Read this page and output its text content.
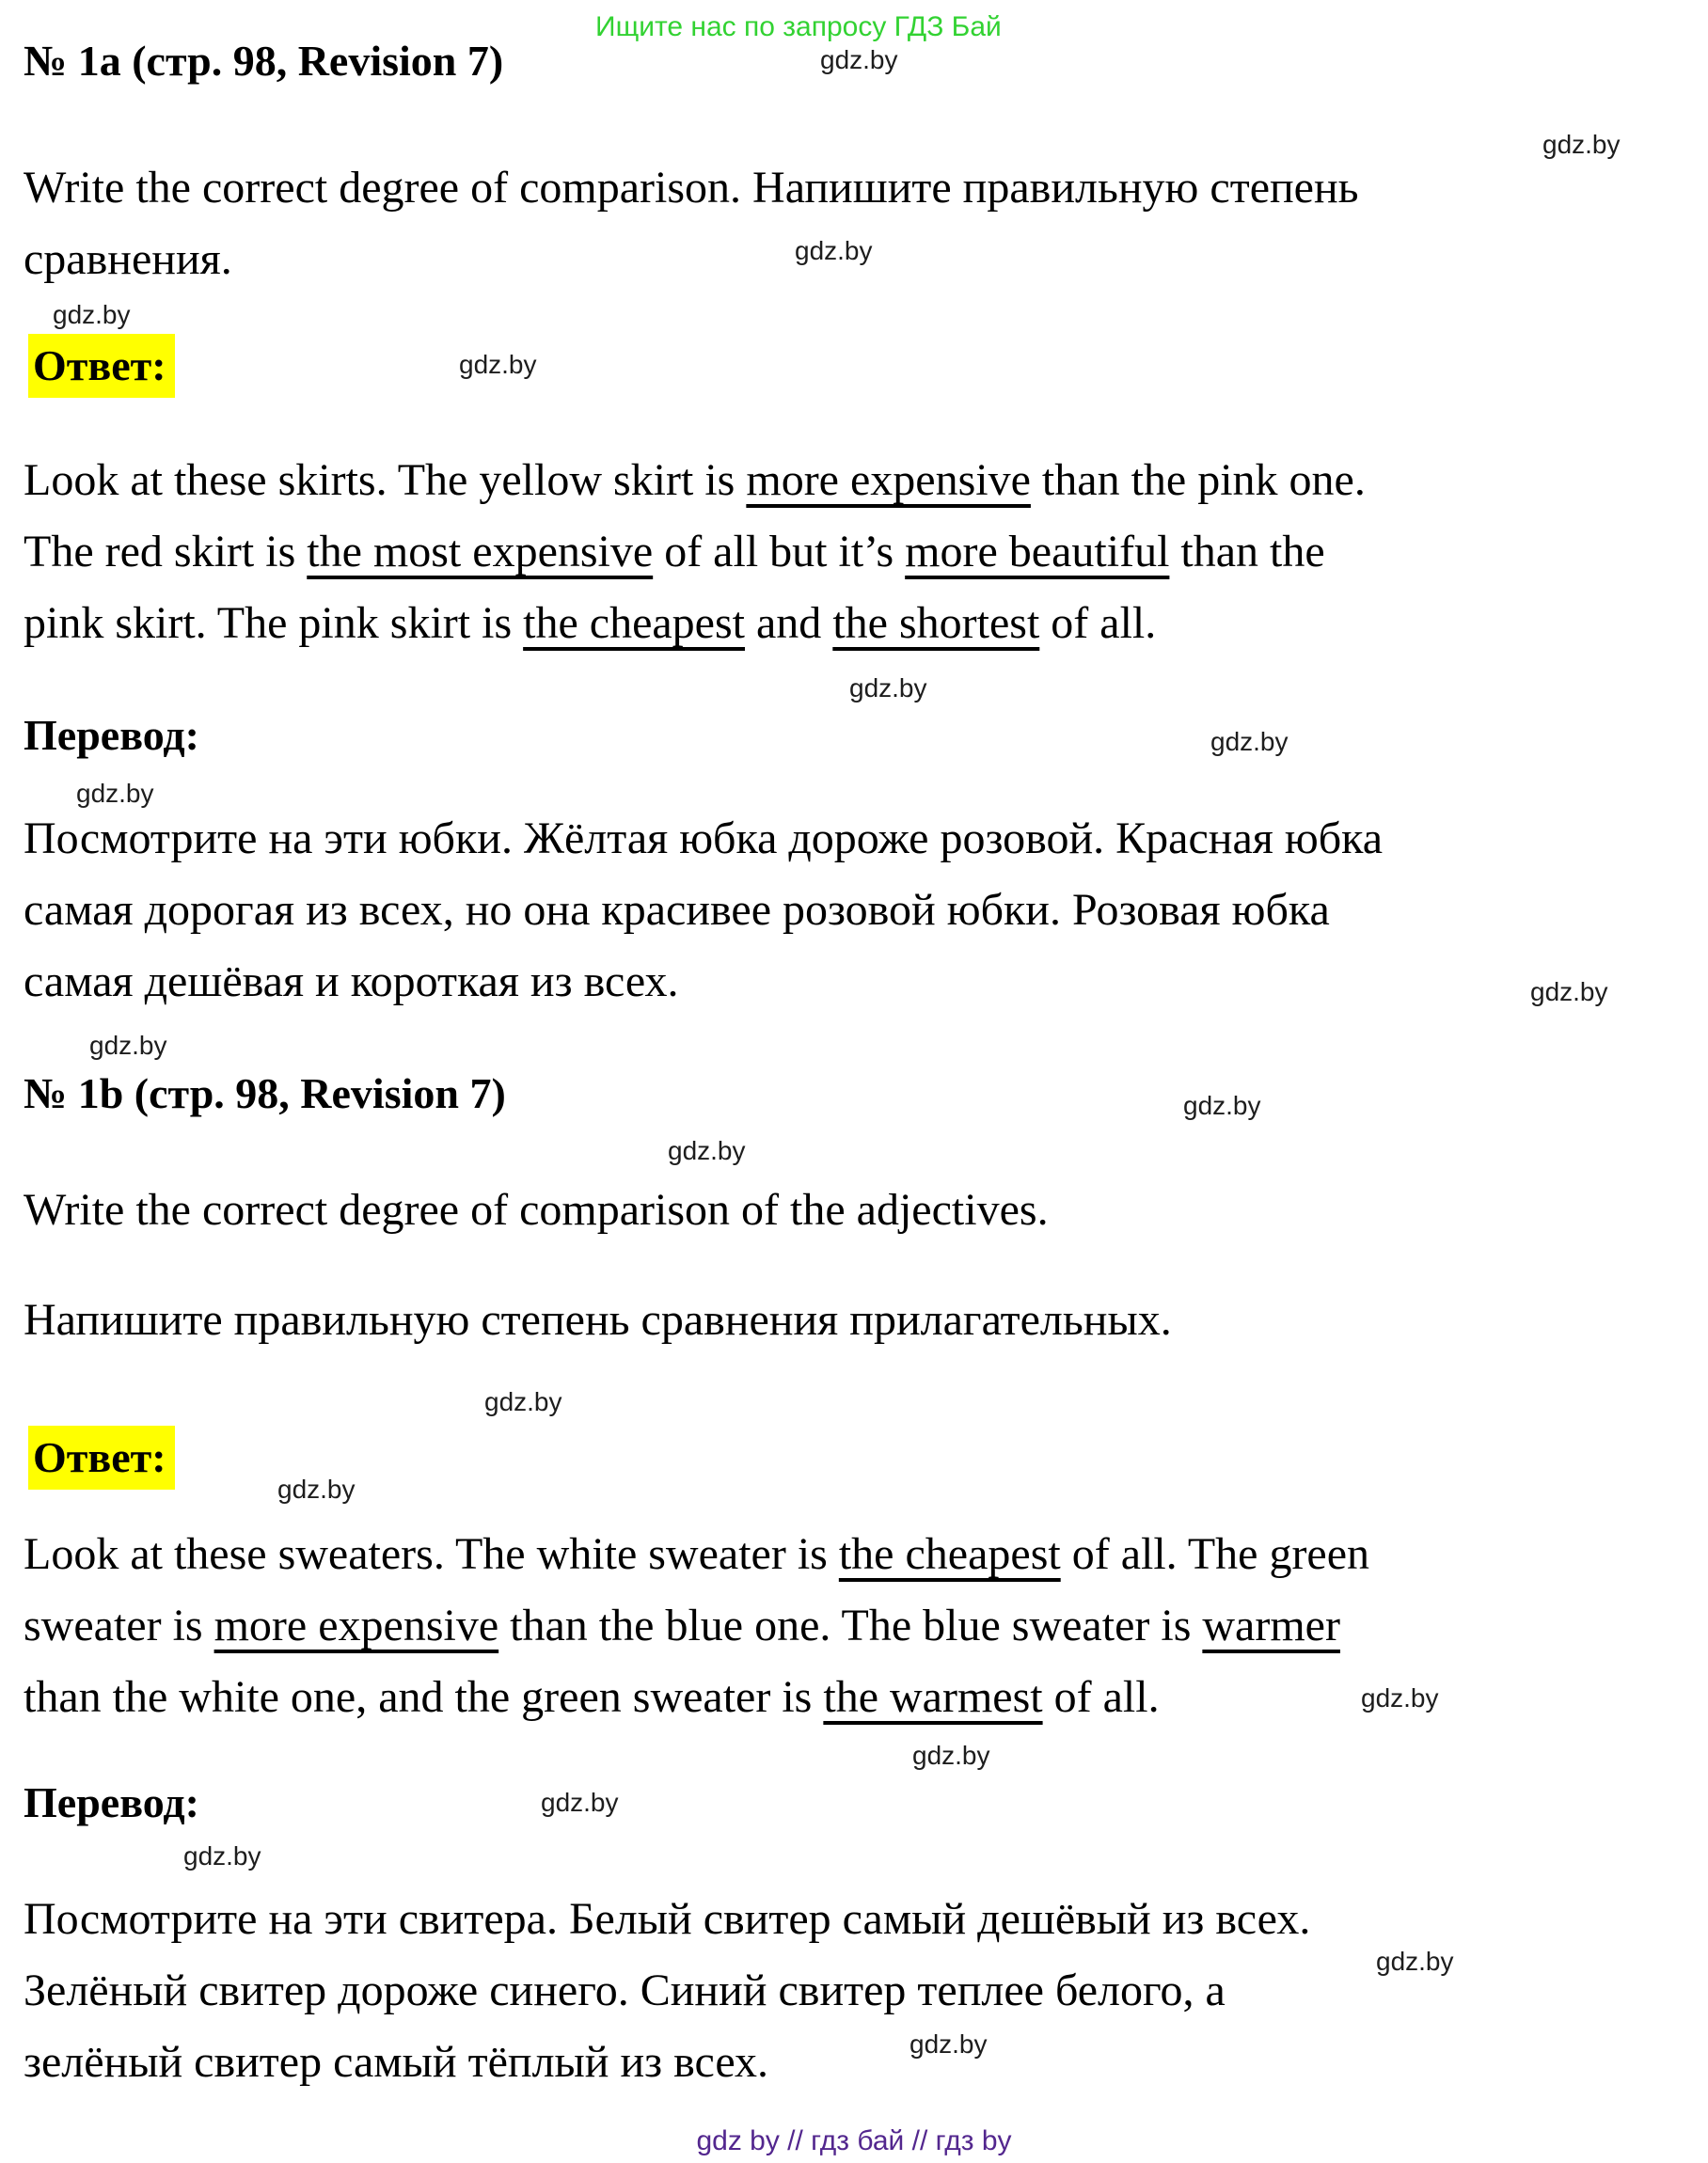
Ищите нас по запросу ГДЗ Бай
№ 1a (стр. 98, Revision 7)
Write the correct degree of comparison. Напишите правильную степень
сравнения.
Ответ:
Look at these skirts. The yellow skirt is more expensive than the pink one.
The red skirt is the most expensive of all but it’s more beautiful than the
pink skirt. The pink skirt is the cheapest and the shortest of all.
Перевод:
Посмотрите на эти юбки. Жёлтая юбка дороже розовой. Красная юбка
самая дорогая из всех, но она красивее розовой юбки. Розовая юбка
самая дешёвая и короткая из всех.
№ 1b (стр. 98, Revision 7)
Write the correct degree of comparison of the adjectives.
Напишите правильную степень сравнения прилагательных.
Ответ:
Look at these sweaters. The white sweater is the cheapest of all. The green
sweater is more expensive than the blue one. The blue sweater is warmer
than the white one, and the green sweater is the warmest of all.
Перевод:
Посмотрите на эти свитера. Белый свитер самый дешёвый из всех.
Зелёный свитер дороже синего. Синий свитер теплее белого, а
зелёный свитер самый тёплый из всех.
gdz.by
gdz.by
gdz.by
gdz.by
gdz.by
gdz.by
gdz.by
gdz.by
gdz.by
gdz.by
gdz.by
gdz.by
gdz.by
gdz.by
gdz.by
gdz.by
gdz.by
gdz.by
gdz.by
gdz.by
gdz by // гдз бай // гдз by
